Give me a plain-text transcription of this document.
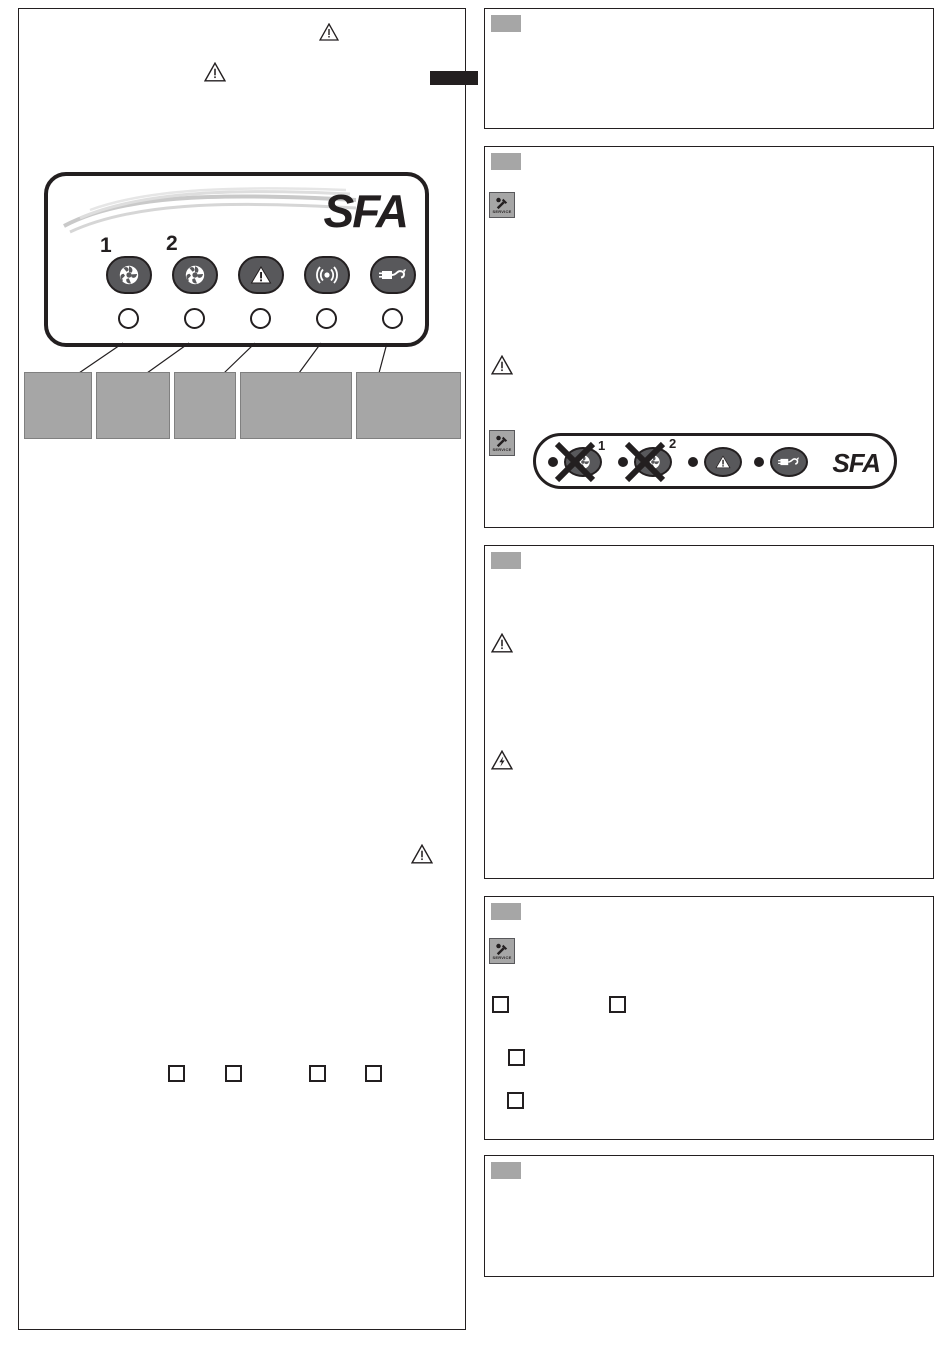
SFA
1	2
SERVICE
SERVICE	1	2
SFA
SERVICE
